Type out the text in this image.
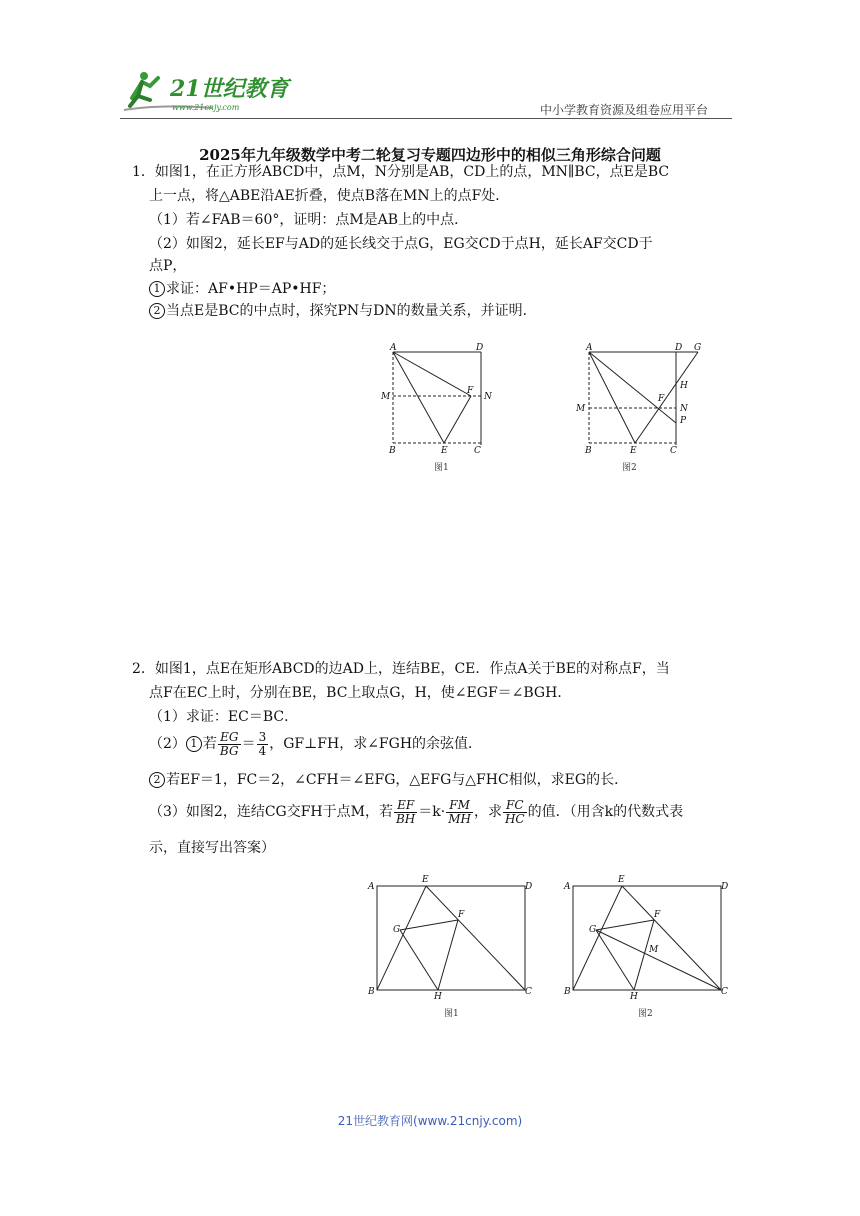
21世纪教育
www.21cnjy.com	中小学教育资源及组卷应用平台
2025年九年级数学中考二轮复习专题四边形中的相似三角形综合问题
1．如图1，在正方形ABCD中，点M，N分别是AB，CD上的点，MN∥BC，点E是BC
上一点，将△ABE沿AE折叠，使点B落在MN上的点F处．
（1）若∠FAB＝60°，证明：点M是AB上的中点．
（2）如图2，延长EF与AD的延长线交于点G，EG交CD于点H，延长AF交CD于
点P，
1 求证：AF•HP＝AP•HF；
2 当点E是BC的中点时，探究PN与DN的数量关系，并证明．
A	D
M
F
N
B	E	C
图1
A	D G
H
M
F
N
P
B	E	C
图2
2．如图1，点E在矩形ABCD的边AD上，连结BE，CE．作点A关于BE的对称点F，当
点F在EC上时，分别在BE，BC上取点G，H，使∠EGF＝∠BGH．
（1）求证：EC＝BC．
（2） 1 若 $\frac{EG}{BG} = \frac{3}{4}$ ，GF⊥FH，求∠FGH的余弦值．
2 若EF＝1，FC＝2，∠CFH＝∠EFG，△EFG与△FHC相似，求EG的长．
（3）如图2，连结CG交FH于点M，若 $\frac{EF}{BH} =k\cdot \frac{FM}{MH}$ ，求 $\frac{FC}{HC}$ 的值．（用含k的代数式表
示，直接写出答案）
A
E
D
G
F
B	H	C
图1
A
E
D
G
F
M
B	H	C
图2
21世纪教育网(www.21cnjy.com)
